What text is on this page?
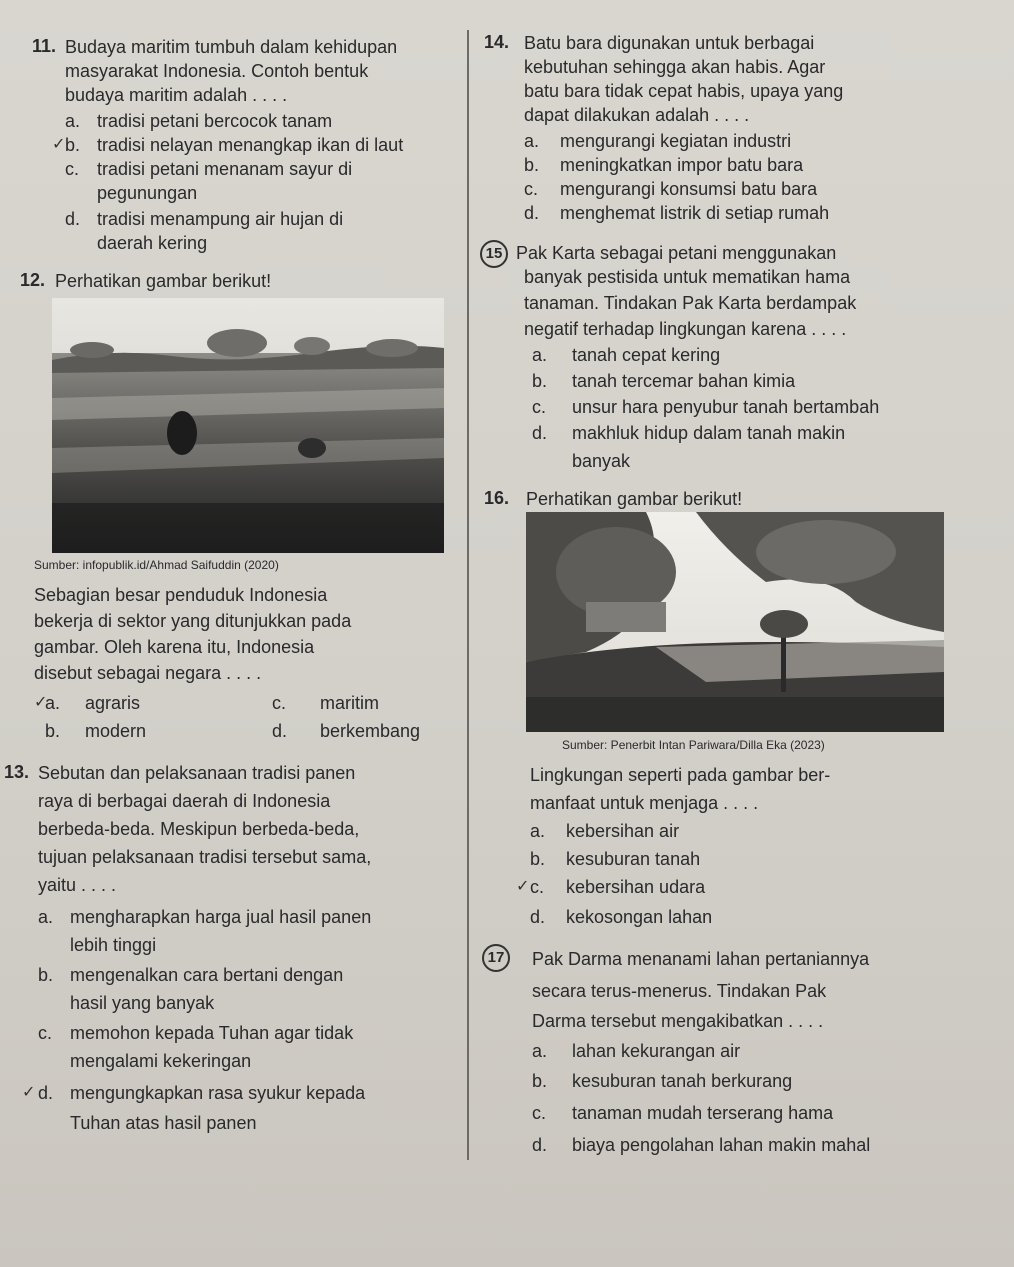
11. Budaya maritim tumbuh dalam kehidupan
masyarakat Indonesia. Contoh bentuk
budaya maritim adalah . . . .
a. tradisi petani bercocok tanam
✓ b. tradisi nelayan menangkap ikan di laut
c. tradisi petani menanam sayur di
pegunungan
d. tradisi menampung air hujan di
daerah kering
12. Perhatikan gambar berikut!
Sumber: infopublik.id/Ahmad Saifuddin (2020)
Sebagian besar penduduk Indonesia
bekerja di sektor yang ditunjukkan pada
gambar. Oleh karena itu, Indonesia
disebut sebagai negara . . . .
✓
a. agraris	c. maritim
b. modern	d. berkembang
13. Sebutan dan pelaksanaan tradisi panen
raya di berbagai daerah di Indonesia
berbeda-beda. Meskipun berbeda-beda,
tujuan pelaksanaan tradisi tersebut sama,
yaitu . . . .
a. mengharapkan harga jual hasil panen
lebih tinggi
b. mengenalkan cara bertani dengan
hasil yang banyak
c. memohon kepada Tuhan agar tidak
mengalami kekeringan
✓ d. mengungkapkan rasa syukur kepada
Tuhan atas hasil panen
14. Batu bara digunakan untuk berbagai
kebutuhan sehingga akan habis. Agar
batu bara tidak cepat habis, upaya yang
dapat dilakukan adalah . . . .
a. mengurangi kegiatan industri
b. meningkatkan impor batu bara
c. mengurangi konsumsi batu bara
d. menghemat listrik di setiap rumah
15 Pak Karta sebagai petani menggunakan
banyak pestisida untuk mematikan hama
tanaman. Tindakan Pak Karta berdampak
negatif terhadap lingkungan karena . . . .
a. tanah cepat kering
b. tanah tercemar bahan kimia
c. unsur hara penyubur tanah bertambah
d. makhluk hidup dalam tanah makin
banyak
16. Perhatikan gambar berikut!
Sumber: Penerbit Intan Pariwara/Dilla Eka (2023)
Lingkungan seperti pada gambar ber-
manfaat untuk menjaga . . . .
a. kebersihan air
b. kesuburan tanah
✓ c. kebersihan udara
d. kekosongan lahan
17	Pak Darma menanami lahan pertaniannya
secara terus-menerus. Tindakan Pak
Darma tersebut mengakibatkan . . . .
a. lahan kekurangan air
b. kesuburan tanah berkurang
c. tanaman mudah terserang hama
d. biaya pengolahan lahan makin mahal
